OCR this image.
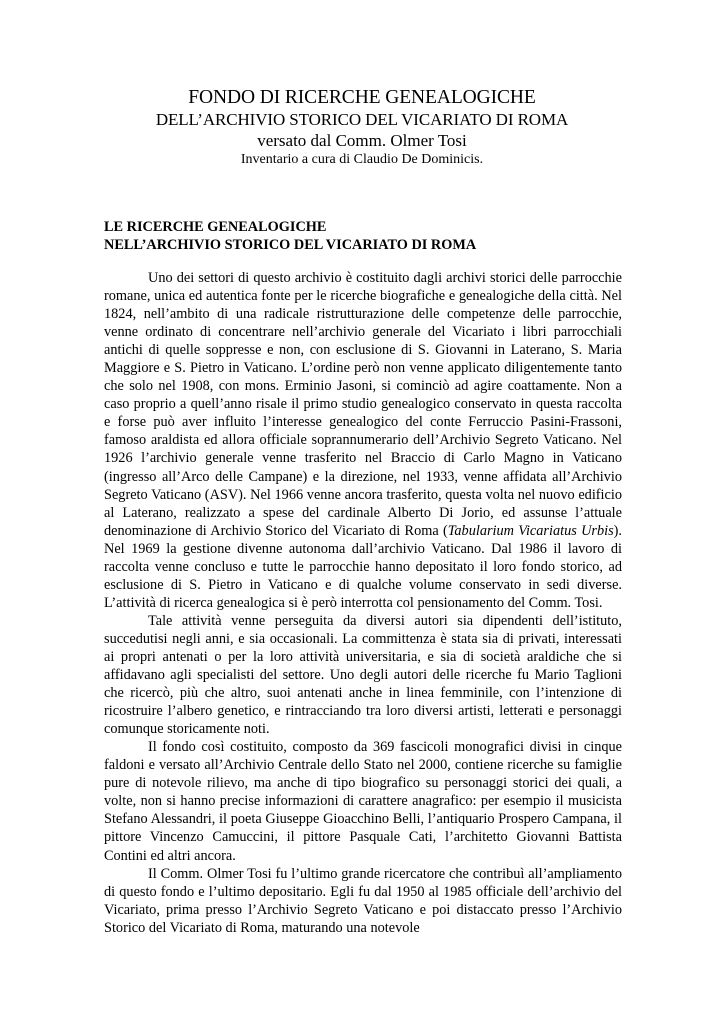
FONDO DI RICERCHE GENEALOGICHE
DELL’ARCHIVIO STORICO DEL VICARIATO DI ROMA
versato dal Comm. Olmer Tosi
Inventario a cura di Claudio De Dominicis.
LE RICERCHE GENEALOGICHE
NELL’ARCHIVIO STORICO DEL VICARIATO DI ROMA

Uno dei settori di questo archivio è costituito dagli archivi storici delle parrocchie romane, unica ed autentica fonte per le ricerche biografiche e genealogiche della città. Nel 1824, nell’ambito di una radicale ristrutturazione delle competenze delle parrocchie, venne ordinato di concentrare nell’archivio generale del Vicariato i libri parrocchiali antichi di quelle soppresse e non, con esclusione di S. Giovanni in Laterano, S. Maria Maggiore e S. Pietro in Vaticano. L’ordine però non venne applicato diligentemente tanto che solo nel 1908, con mons. Erminio Jasoni, si cominciò ad agire coattamente. Non a caso proprio a quell’anno risale il primo studio genealogico conservato in questa raccolta e forse può aver influito l’interesse genealogico del conte Ferruccio Pasini-Frassoni, famoso araldista ed allora officiale soprannumerario dell’Archivio Segreto Vaticano. Nel 1926 l’archivio generale venne trasferito nel Braccio di Carlo Magno in Vaticano (ingresso all’Arco delle Campane) e la direzione, nel 1933, venne affidata all’Archivio Segreto Vaticano (ASV). Nel 1966 venne ancora trasferito, questa volta nel nuovo edificio al Laterano, realizzato a spese del cardinale Alberto Di Jorio, ed assunse l’attuale denominazione di Archivio Storico del Vicariato di Roma (Tabularium Vicariatus Urbis). Nel 1969 la gestione divenne autonoma dall’archivio Vaticano. Dal 1986 il lavoro di raccolta venne concluso e tutte le parrocchie hanno depositato il loro fondo storico, ad esclusione di S. Pietro in Vaticano e di qualche volume conservato in sedi diverse. L’attività di ricerca genealogica si è però interrotta col pensionamento del Comm. Tosi.

Tale attività venne perseguita da diversi autori sia dipendenti dell’istituto, succedutisi negli anni, e sia occasionali. La committenza è stata sia di privati, interessati ai propri antenati o per la loro attività universitaria, e sia di società araldiche che si affidavano agli specialisti del settore. Uno degli autori delle ricerche fu Mario Taglioni che ricercò, più che altro, suoi antenati anche in linea femminile, con l’intenzione di ricostruire l’albero genetico, e rintracciando tra loro diversi artisti, letterati e personaggi comunque storicamente noti.

Il fondo così costituito, composto da 369 fascicoli monografici divisi in cinque faldoni e versato all’Archivio Centrale dello Stato nel 2000, contiene ricerche su famiglie pure di notevole rilievo, ma anche di tipo biografico su personaggi storici dei quali, a volte, non si hanno precise informazioni di carattere anagrafico: per esempio il musicista Stefano Alessandri, il poeta Giuseppe Gioacchino Belli, l’antiquario Prospero Campana, il pittore Vincenzo Camuccini, il pittore Pasquale Cati, l’architetto Giovanni Battista Contini ed altri ancora.

Il Comm. Olmer Tosi fu l’ultimo grande ricercatore che contribuì all’ampliamento di questo fondo e l’ultimo depositario. Egli fu dal 1950 al 1985 officiale dell’archivio del Vicariato, prima presso l’Archivio Segreto Vaticano e poi distaccato presso l’Archivio Storico del Vicariato di Roma, maturando una notevole
